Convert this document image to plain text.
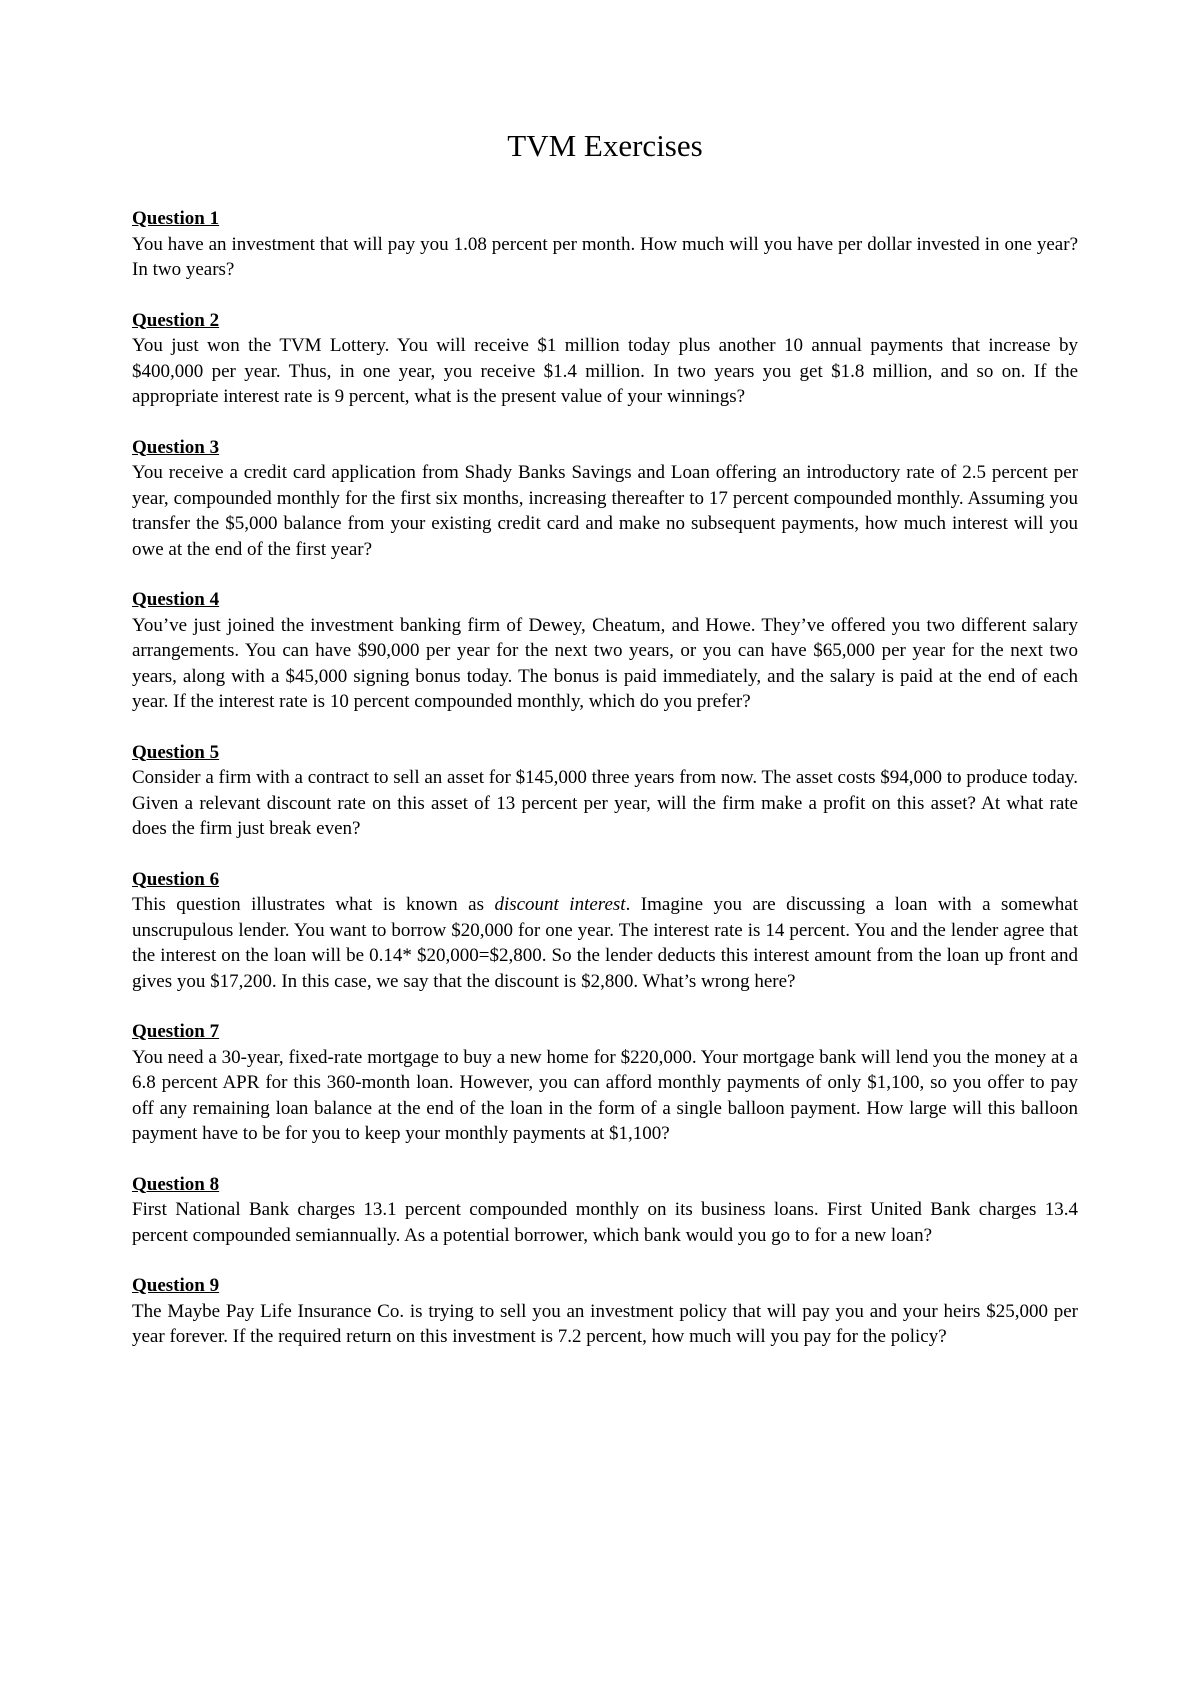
TVM Exercises
Question 1
You have an investment that will pay you 1.08 percent per month. How much will you have per dollar invested in one year? In two years?
Question 2
You just won the TVM Lottery. You will receive $1 million today plus another 10 annual payments that increase by $400,000 per year. Thus, in one year, you receive $1.4 million. In two years you get $1.8 million, and so on. If the appropriate interest rate is 9 percent, what is the present value of your winnings?
Question 3
You receive a credit card application from Shady Banks Savings and Loan offering an introductory rate of 2.5 percent per year, compounded monthly for the first six months, increasing thereafter to 17 percent compounded monthly. Assuming you transfer the $5,000 balance from your existing credit card and make no subsequent payments, how much interest will you owe at the end of the first year?
Question 4
You’ve just joined the investment banking firm of Dewey, Cheatum, and Howe. They’ve offered you two different salary arrangements. You can have $90,000 per year for the next two years, or you can have $65,000 per year for the next two years, along with a $45,000 signing bonus today. The bonus is paid immediately, and the salary is paid at the end of each year. If the interest rate is 10 percent compounded monthly, which do you prefer?
Question 5
Consider a firm with a contract to sell an asset for $145,000 three years from now. The asset costs $94,000 to produce today. Given a relevant discount rate on this asset of 13 percent per year, will the firm make a profit on this asset? At what rate does the firm just break even?
Question 6
This question illustrates what is known as discount interest. Imagine you are discussing a loan with a somewhat unscrupulous lender. You want to borrow $20,000 for one year. The interest rate is 14 percent. You and the lender agree that the interest on the loan will be 0.14* $20,000=$2,800. So the lender deducts this interest amount from the loan up front and gives you $17,200. In this case, we say that the discount is $2,800. What’s wrong here?
Question 7
You need a 30-year, fixed-rate mortgage to buy a new home for $220,000. Your mortgage bank will lend you the money at a 6.8 percent APR for this 360-month loan. However, you can afford monthly payments of only $1,100, so you offer to pay off any remaining loan balance at the end of the loan in the form of a single balloon payment. How large will this balloon payment have to be for you to keep your monthly payments at $1,100?
Question 8
First National Bank charges 13.1 percent compounded monthly on its business loans. First United Bank charges 13.4 percent compounded semiannually. As a potential borrower, which bank would you go to for a new loan?
Question 9
The Maybe Pay Life Insurance Co. is trying to sell you an investment policy that will pay you and your heirs $25,000 per year forever. If the required return on this investment is 7.2 percent, how much will you pay for the policy?
